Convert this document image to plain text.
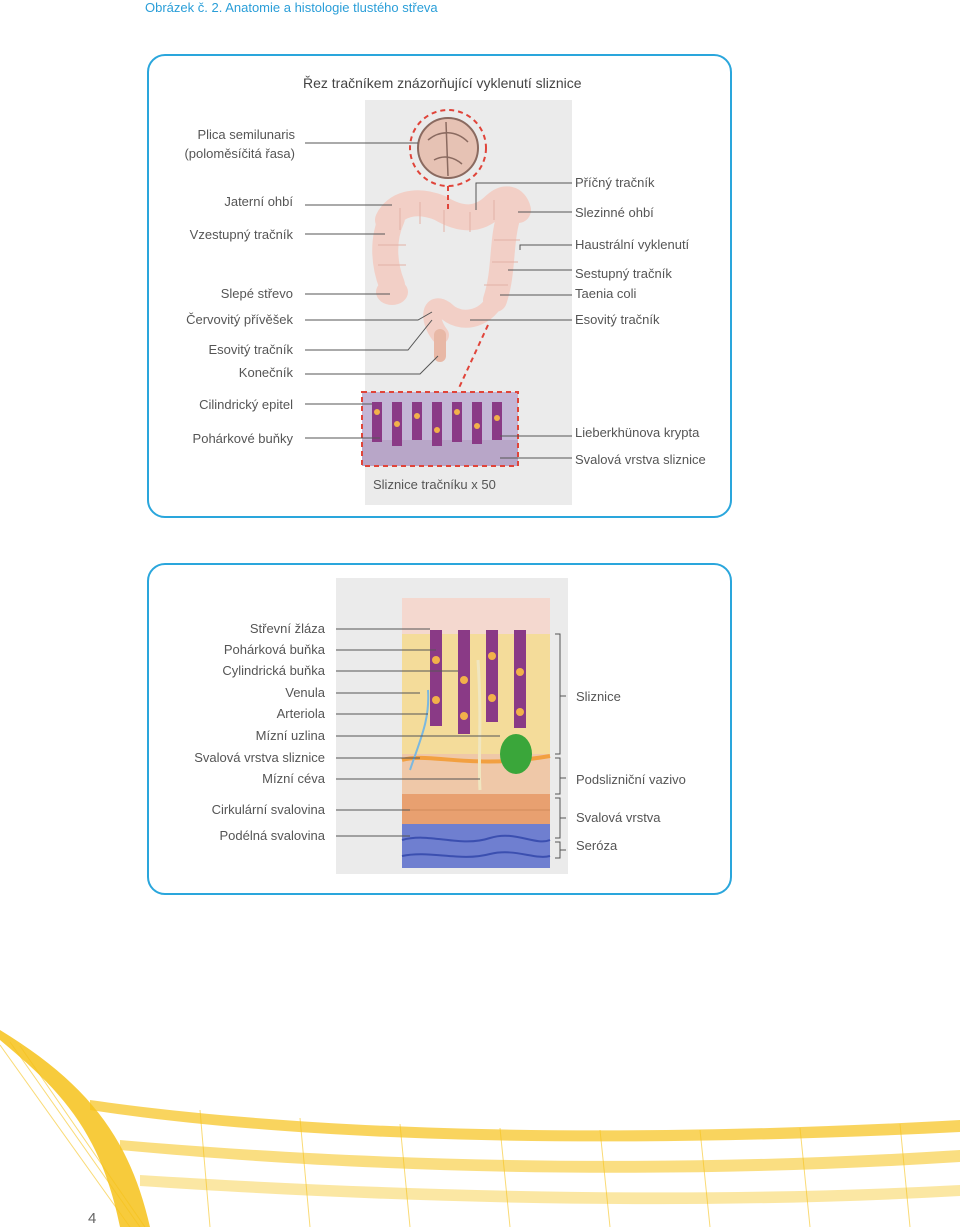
Obrázek č. 2. Anatomie a histologie tlustého střeva
Řez tračníkem znázorňující vyklenutí sliznice
Plica semilunaris
(poloměsíčitá řasa)
Jaterní ohbí
Vzestupný tračník
Slepé střevo
Červovitý přívěšek
Esovitý tračník
Konečník
Cilindrický epitel
Pohárkové buňky
Příčný tračník
Slezinné ohbí
Haustrální vyklenutí
Sestupný tračník
Taenia coli
Esovitý tračník
Lieberkhünova krypta
Svalová vrstva sliznice
Sliznice tračníku x 50
Střevní žláza
Pohárková buňka
Cylindrická buňka
Venula
Arteriola
Mízní uzlina
Svalová vrstva sliznice
Mízní céva
Cirkulární svalovina
Podélná svalovina
Sliznice
Podslizniční vazivo
Svalová vrstva
Seróza
4
